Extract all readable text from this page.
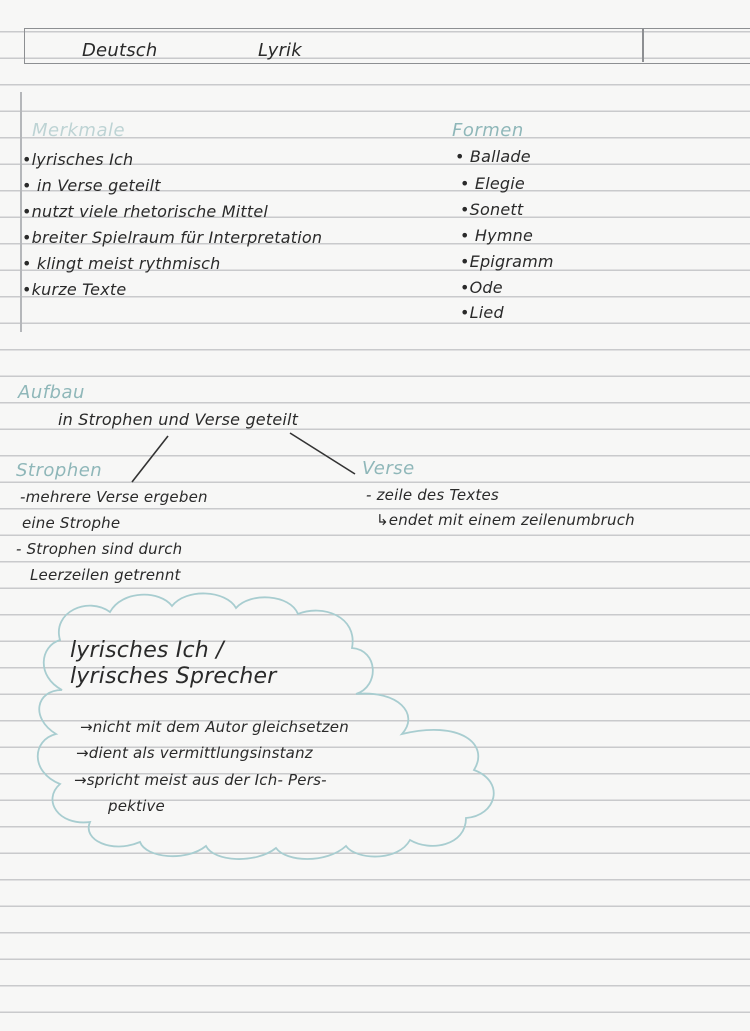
Deutsch	Lyrik
Merkmale
•lyrisches Ich
• in Verse geteilt
•nutzt viele rhetorische Mittel
•breiter Spielraum für Interpretation
• klingt meist rythmisch
•kurze Texte
Formen
• Ballade
• Elegie
•Sonett
• Hymne
•Epigramm
•Ode
•Lied
Aufbau
in Strophen und Verse geteilt
Strophen
-mehrere Verse ergeben
eine Strophe
- Strophen sind durch
Leerzeilen getrennt
Verse
- zeile des Textes
↳endet mit einem zeilenumbruch
lyrisches Ich /
lyrisches Sprecher
→nicht mit dem Autor gleichsetzen
→dient als vermittlungsinstanz
→spricht meist aus der Ich- Pers-
pektive
